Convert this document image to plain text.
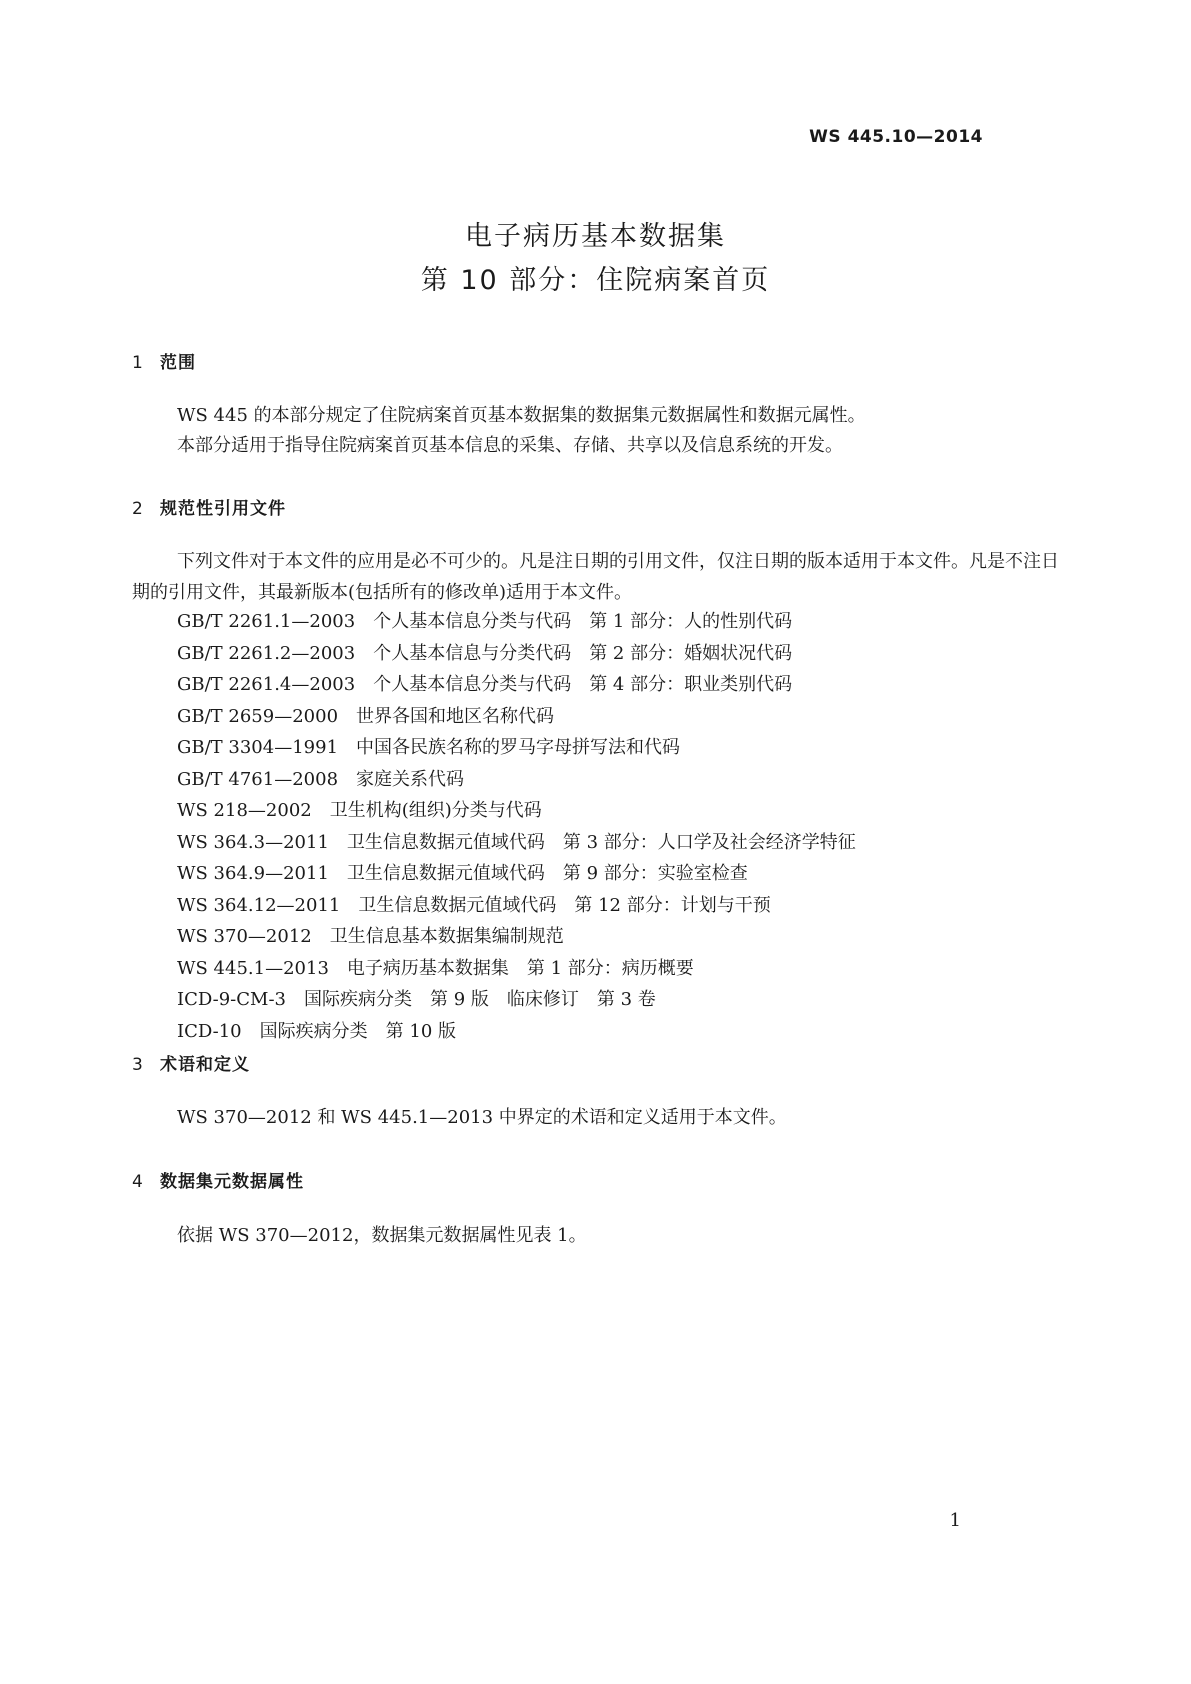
WS 445.10—2014
电子病历基本数据集
第 10 部分：住院病案首页
1 范围
WS 445 的本部分规定了住院病案首页基本数据集的数据集元数据属性和数据元属性。
本部分适用于指导住院病案首页基本信息的采集、存储、共享以及信息系统的开发。
2 规范性引用文件
下列文件对于本文件的应用是必不可少的。凡是注日期的引用文件，仅注日期的版本适用于本文件。凡是不注日期的引用文件，其最新版本(包括所有的修改单)适用于本文件。
GB/T 2261.1—2003 个人基本信息分类与代码　第 1 部分：人的性别代码
GB/T 2261.2—2003 个人基本信息与分类代码　第 2 部分：婚姻状况代码
GB/T 2261.4—2003 个人基本信息分类与代码　第 4 部分：职业类别代码
GB/T 2659—2000 世界各国和地区名称代码
GB/T 3304—1991 中国各民族名称的罗马字母拼写法和代码
GB/T 4761—2008 家庭关系代码
WS 218—2002 卫生机构(组织)分类与代码
WS 364.3—2011 卫生信息数据元值域代码　第 3 部分：人口学及社会经济学特征
WS 364.9—2011 卫生信息数据元值域代码　第 9 部分：实验室检查
WS 364.12—2011 卫生信息数据元值域代码　第 12 部分：计划与干预
WS 370—2012 卫生信息基本数据集编制规范
WS 445.1—2013 电子病历基本数据集　第 1 部分：病历概要
ICD-9-CM-3 国际疾病分类　第 9 版　临床修订　第 3 卷
ICD-10 国际疾病分类　第 10 版
3 术语和定义
WS 370—2012 和 WS 445.1—2013 中界定的术语和定义适用于本文件。
4 数据集元数据属性
依据 WS 370—2012，数据集元数据属性见表 1。
1
